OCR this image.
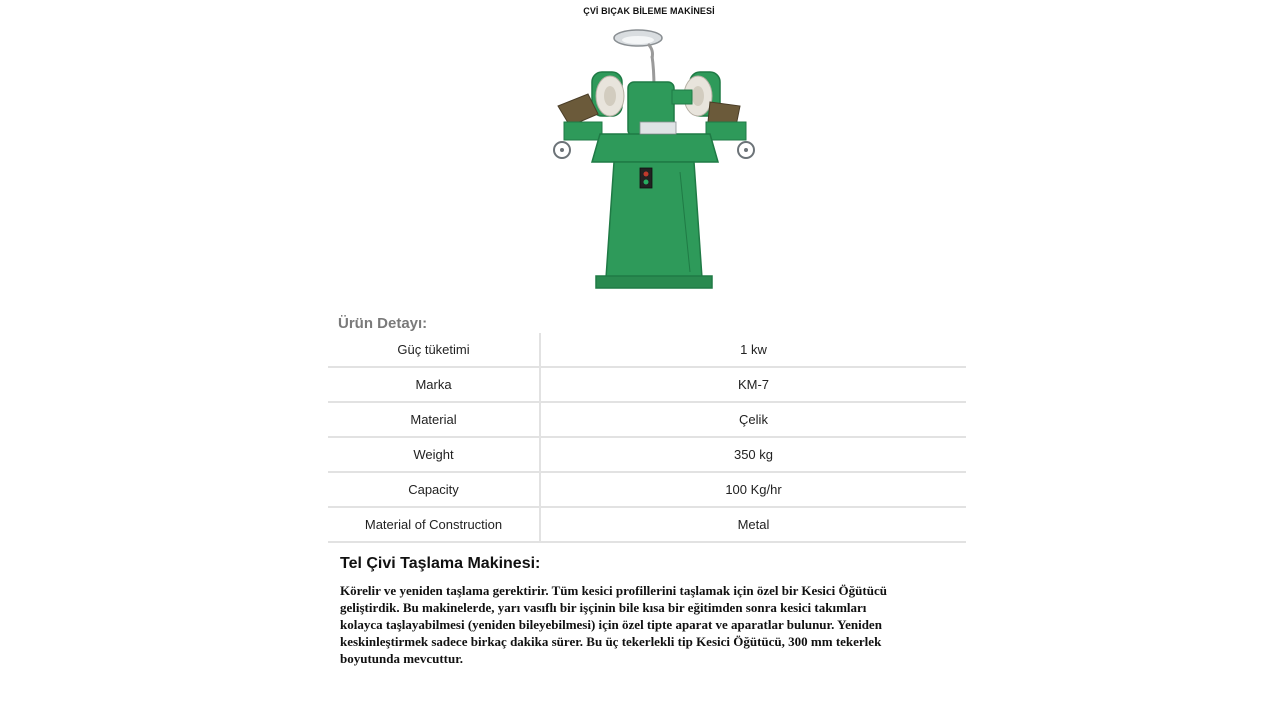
ÇVİ BIÇAK BİLEME MAKİNESİ
Ürün Detayı:
Güç tüketimi	1 kw
Marka	KM-7
Material	Çelik
Weight	350 kg
Capacity	100 Kg/hr
Material of Construction	Metal
Tel Çivi Taşlama Makinesi:

Körelir ve yeniden taşlama gerektirir. Tüm kesici profillerini taşlamak için özel bir Kesici Öğütücü
geliştirdik. Bu makinelerde, yarı vasıflı bir işçinin bile kısa bir eğitimden sonra kesici takımları
kolayca taşlayabilmesi (yeniden bileyebilmesi) için özel tipte aparat ve aparatlar bulunur. Yeniden
keskinleştirmek sadece birkaç dakika sürer. Bu üç tekerlekli tip Kesici Öğütücü, 300 mm tekerlek
boyutunda mevcuttur.
